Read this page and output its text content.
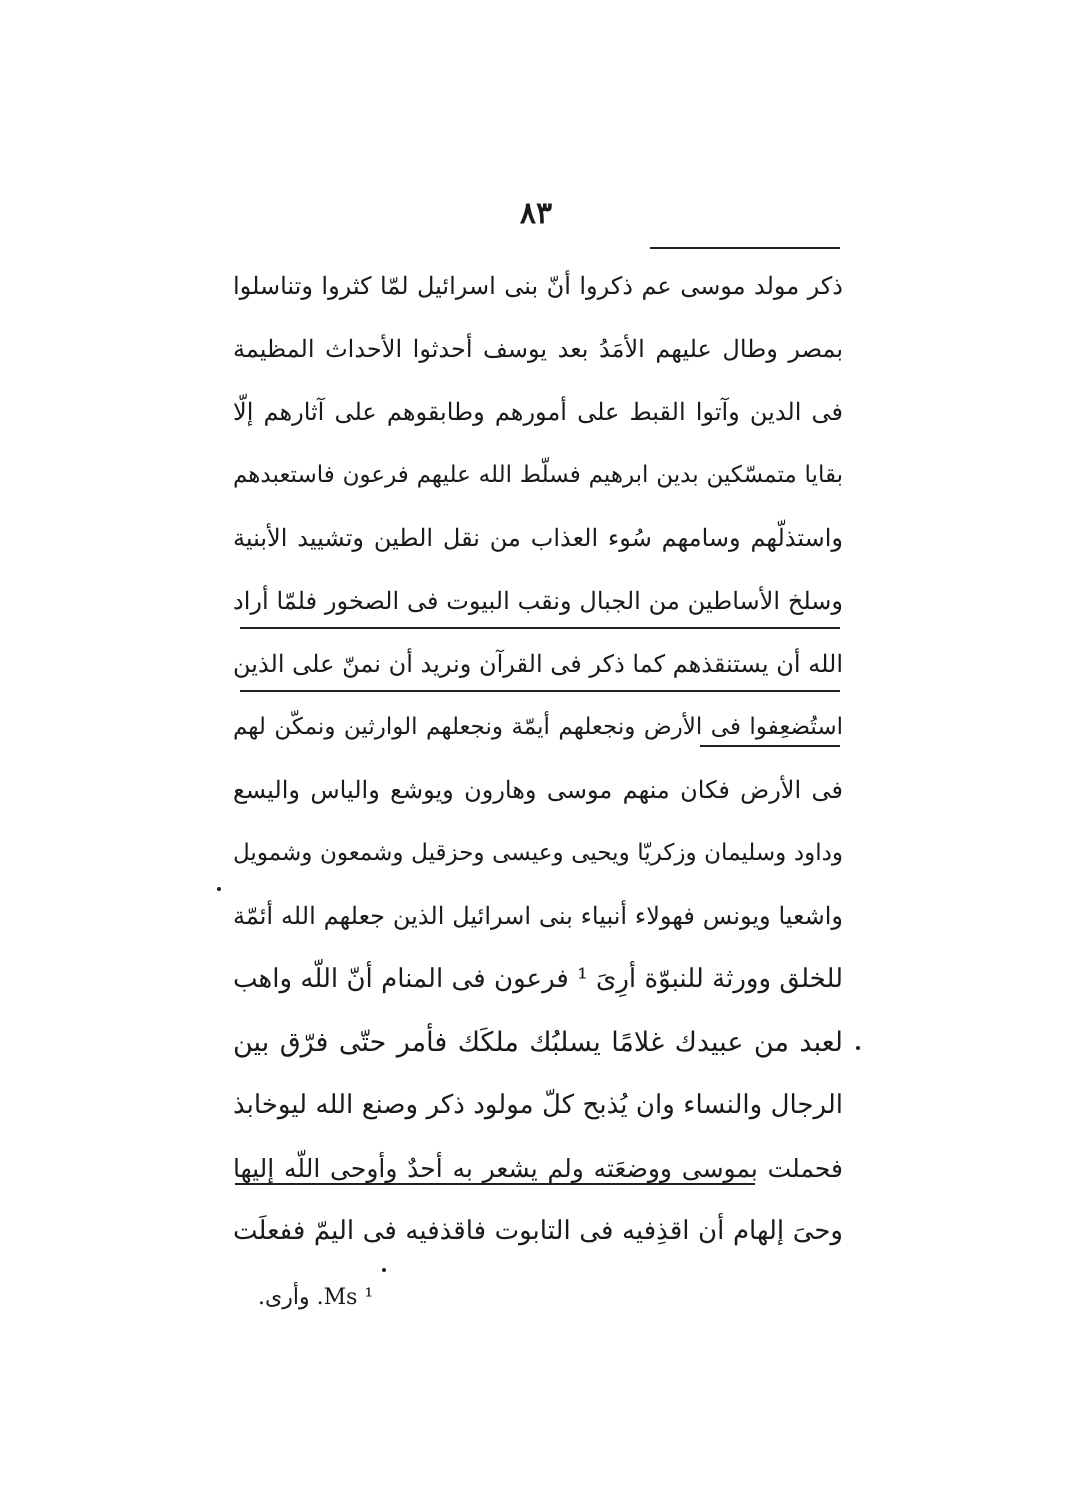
٨٣
ذكر مولد موسى عم ذكروا أنّ بنى اسرائيل لمّا كثروا وتناسلوا
بمصر وطال عليهم الأمَدُ بعد يوسف أحدثوا الأحداث المظيمة
فى الدين وآتوا القبط على أمورهم وطابقوهم على آثارهم إلّا
بقايا متمسّكين بدين ابرهيم فسلّط الله عليهم فرعون فاستعبدهم
واستذلّهم وسامهم سُوء العذاب من نقل الطين وتشييد الأبنية
وسلخ الأساطين من الجبال ونقب البيوت فى الصخور فلمّا أراد
الله أن يستنقذهم كما ذكر فى القرآن ونريد أن نمنّ على الذين
استُضعِفوا فى الأرض ونجعلهم أيمّة ونجعلهم الوارثين ونمكّن لهم
فى الأرض فكان منهم موسى وهارون ويوشع والياس واليسع
وداود وسليمان وزكريّا ويحيى وعيسى وحزقيل وشمعون وشمويل
واشعيا ويونس فهولاء أنبياء بنى اسرائيل الذين جعلهم الله أئمّة
للخلق وورثة للنبوّة أرِىَ ¹ فرعون فى المنام أنّ اللّه واهب
لعبد من عبيدك غلامًا يسلبُك ملكَك فأمر حتّى فرّق بين
الرجال والنساء وان يُذبح كلّ مولود ذكر وصنع الله ليوخابذ
فحملت بموسى ووضعَته ولم يشعر به أحدٌ وأوحى اللّه إليها
وحىَ إلهام أن اقذِفيه فى التابوت فاقذفيه فى اليمّ ففعلَت
¹ Ms. وأرى.
